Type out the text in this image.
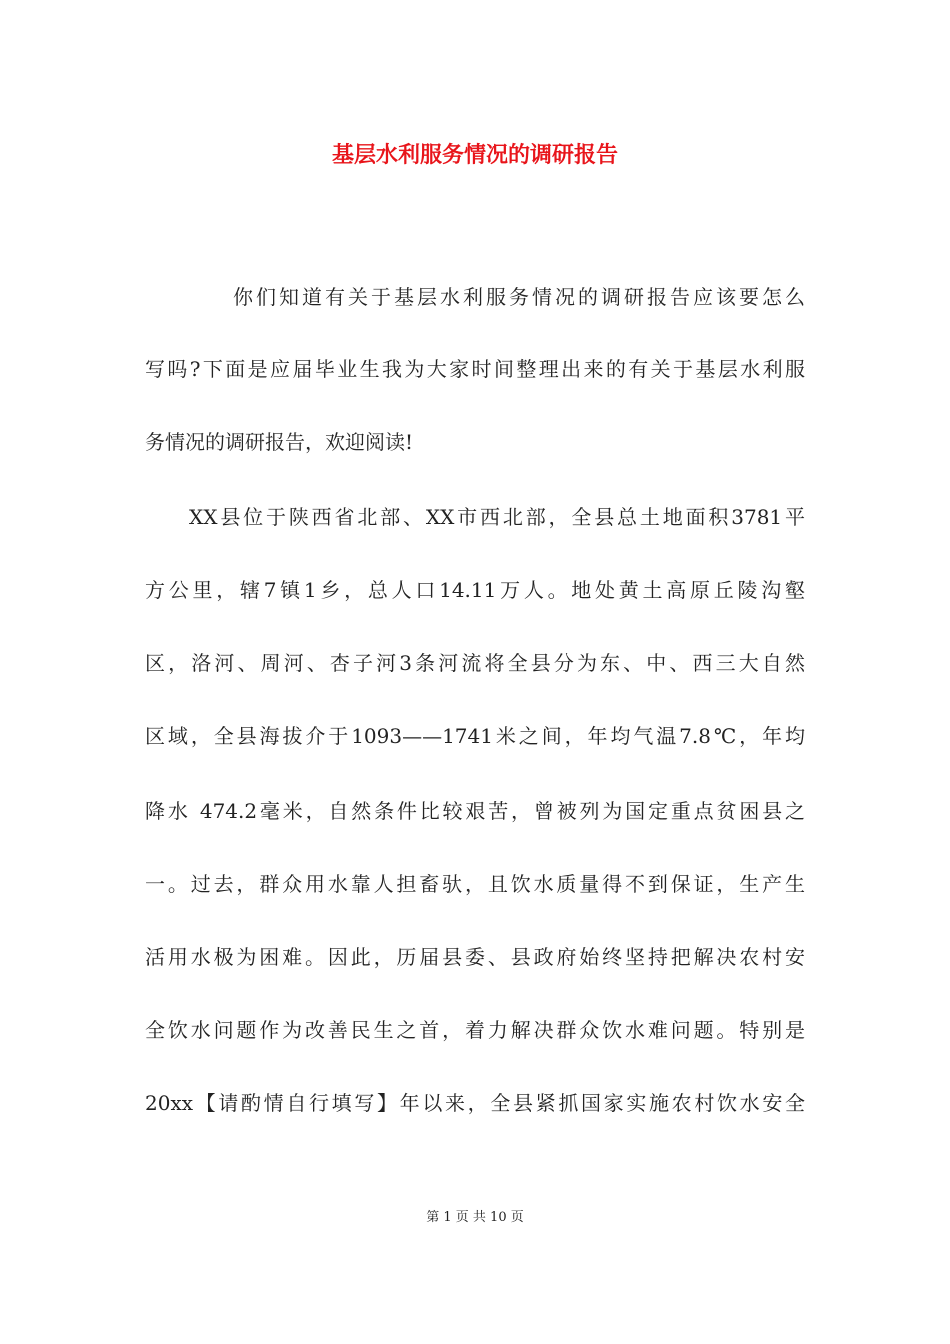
基层水利服务情况的调研报告

你们知道有关于基层水利服务情况的调研报告应该要怎么

写吗?下面是应届毕业生我为大家时间整理出来的有关于基层水利服

务情况的调研报告，欢迎阅读!

XX县位于陕西省北部、XX市西北部，全县总土地面积3781平

方公里，辖7镇1乡，总人口14.11万人。地处黄土高原丘陵沟壑

区，洛河、周河、杏子河3条河流将全县分为东、中、西三大自然

区域，全县海拔介于1093——1741米之间，年均气温7.8℃，年均

降水 474.2毫米，自然条件比较艰苦，曾被列为国定重点贫困县之

一。过去，群众用水靠人担畜驮，且饮水质量得不到保证，生产生

活用水极为困难。因此，历届县委、县政府始终坚持把解决农村安

全饮水问题作为改善民生之首，着力解决群众饮水难问题。特别是

20xx【请酌情自行填写】年以来，全县紧抓国家实施农村饮水安全

第 1 页 共 10 页
